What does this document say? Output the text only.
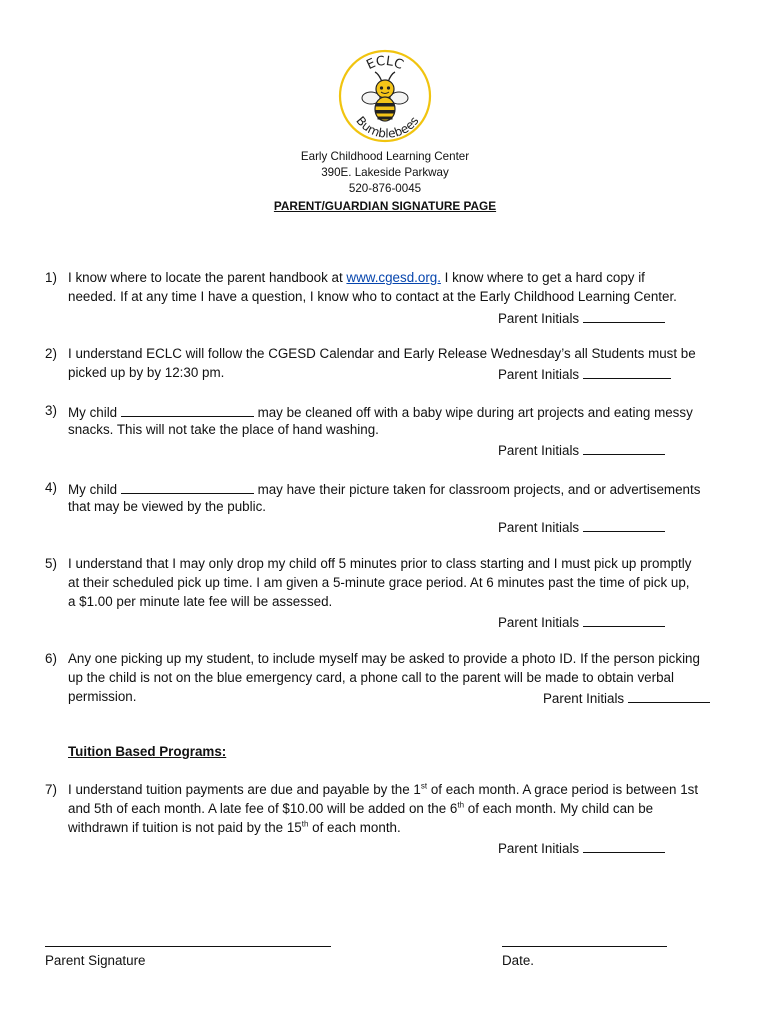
ECLC
Bumblebees
Early Childhood Learning Center
390E. Lakeside Parkway
520-876-0045
PARENT/GUARDIAN SIGNATURE PAGE
1) I know where to locate the parent handbook at www.cgesd.org. I know where to get a hard copy if
needed. If at any time I have a question, I know who to contact at the Early Childhood Learning Center.
Parent Initials
2) I understand ECLC will follow the CGESD Calendar and Early Release Wednesday’s all Students must be
picked up by by 12:30 pm.	Parent Initials
3) My child	may be cleaned off with a baby wipe during art projects and eating messy
snacks. This will not take the place of hand washing.
Parent Initials
4) My child	may have their picture taken for classroom projects, and or advertisements
that may be viewed by the public.
Parent Initials
5) I understand that I may only drop my child off 5 minutes prior to class starting and I must pick up promptly
at their scheduled pick up time. I am given a 5-minute grace period. At 6 minutes past the time of pick up,
a $1.00 per minute late fee will be assessed.
Parent Initials
6) Any one picking up my student, to include myself may be asked to provide a photo ID. If the person picking
up the child is not on the blue emergency card, a phone call to the parent will be made to obtain verbal
permission.	Parent Initials
Tuition Based Programs:
7) I understand tuition payments are due and payable by the 1st of each month. A grace period is between 1st
and 5th of each month. A late fee of $10.00 will be added on the 6th of each month. My child can be
withdrawn if tuition is not paid by the 15th of each month.
Parent Initials
Parent Signature	Date.
